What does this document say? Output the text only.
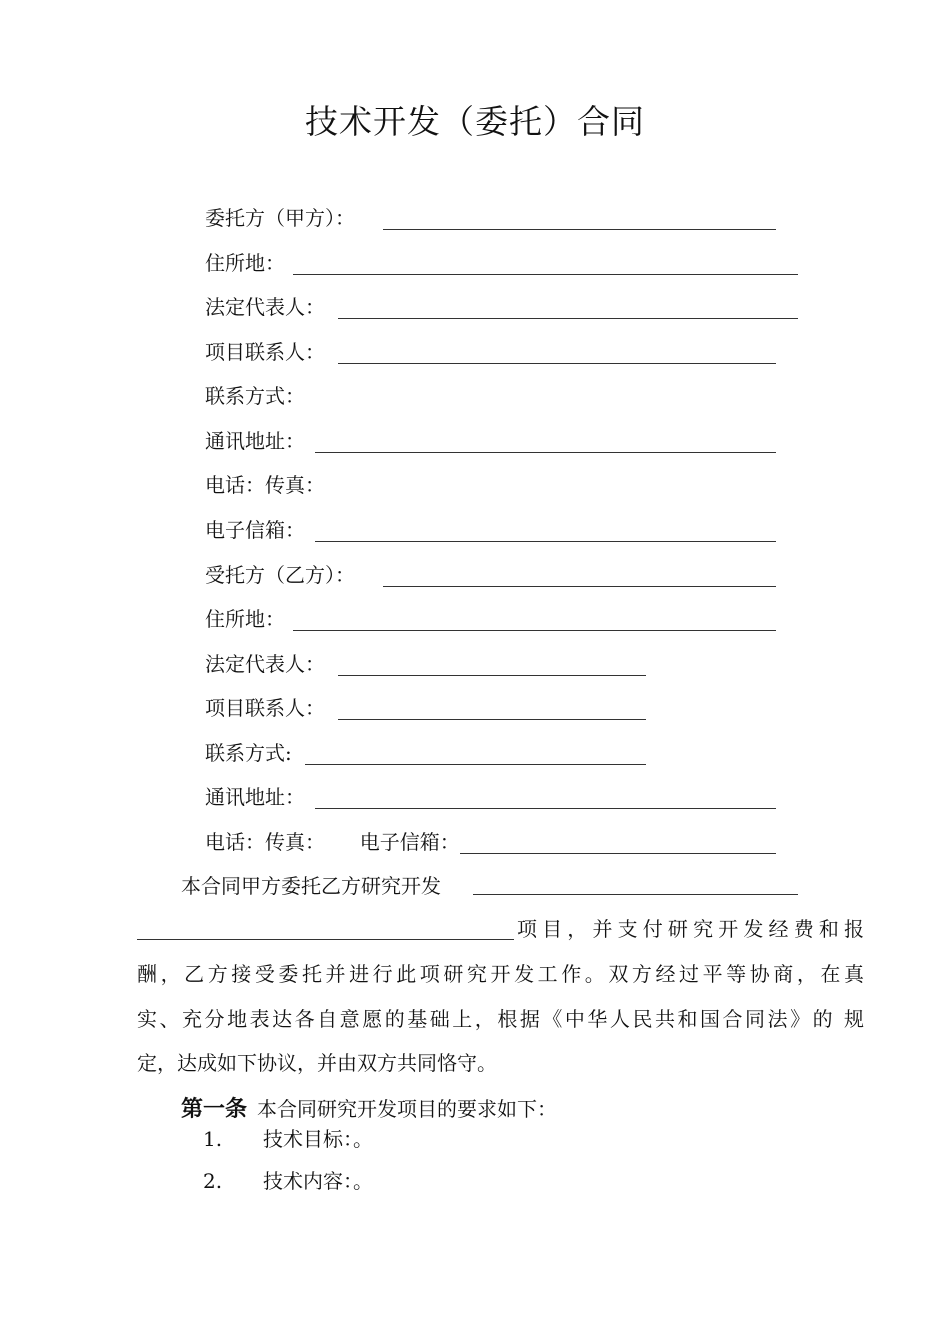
技术开发（委托）合同
委托方（甲方）：
住所地：
法定代表人：
项目联系人：
联系方式：
通讯地址：
电话：传真：
电子信箱：
受托方（乙方）：
住所地：
法定代表人：
项目联系人：
联系方式:
通讯地址：
电话：传真： 电子信箱：
本合同甲方委托乙方研究开发
项目，并支付研究开发经费和报
酬，乙方接受委托并进行此项研究开发工作。双方经过平等协商，在真
实、充分地表达各自意愿的基础上，根据《中华人民共和国合同法》的 规
定，达成如下协议，并由双方共同恪守。
第一条 本合同研究开发项目的要求如下：
1. 技术目标：。
2. 技术内容：。
